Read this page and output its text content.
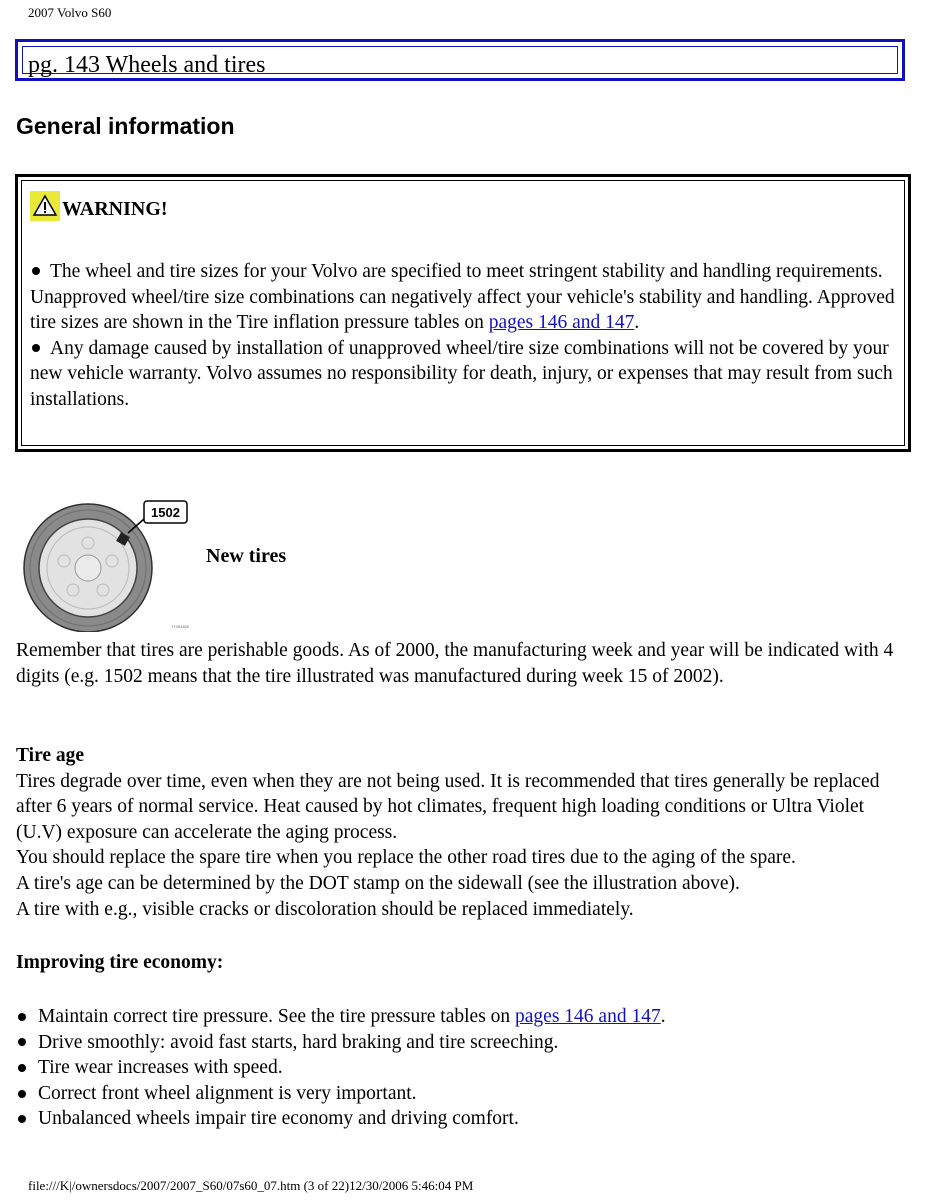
2007 Volvo S60
pg. 143 Wheels and tires
General information
WARNING!

The wheel and tire sizes for your Volvo are specified to meet stringent stability and handling requirements. Unapproved wheel/tire size combinations can negatively affect your vehicle's stability and handling. Approved tire sizes are shown in the Tire inflation pressure tables on pages 146 and 147.

Any damage caused by installation of unapproved wheel/tire size combinations will not be covered by your new vehicle warranty. Volvo assumes no responsibility for death, injury, or expenses that may result from such installations.

1502
T7004450
New tires

Remember that tires are perishable goods. As of 2000, the manufacturing week and year will be indicated with 4 digits (e.g. 1502 means that the tire illustrated was manufactured during week 15 of 2002).

Tire age
Tires degrade over time, even when they are not being used. It is recommended that tires generally be replaced after 6 years of normal service. Heat caused by hot climates, frequent high loading conditions or Ultra Violet (U.V) exposure can accelerate the aging process.
You should replace the spare tire when you replace the other road tires due to the aging of the spare.
A tire's age can be determined by the DOT stamp on the sidewall (see the illustration above).
A tire with e.g., visible cracks or discoloration should be replaced immediately.
Improving tire economy:
Maintain correct tire pressure. See the tire pressure tables on pages 146 and 147.
Drive smoothly: avoid fast starts, hard braking and tire screeching.
Tire wear increases with speed.
Correct front wheel alignment is very important.
Unbalanced wheels impair tire economy and driving comfort.
file:///K|/ownersdocs/2007/2007_S60/07s60_07.htm (3 of 22)12/30/2006 5:46:04 PM
